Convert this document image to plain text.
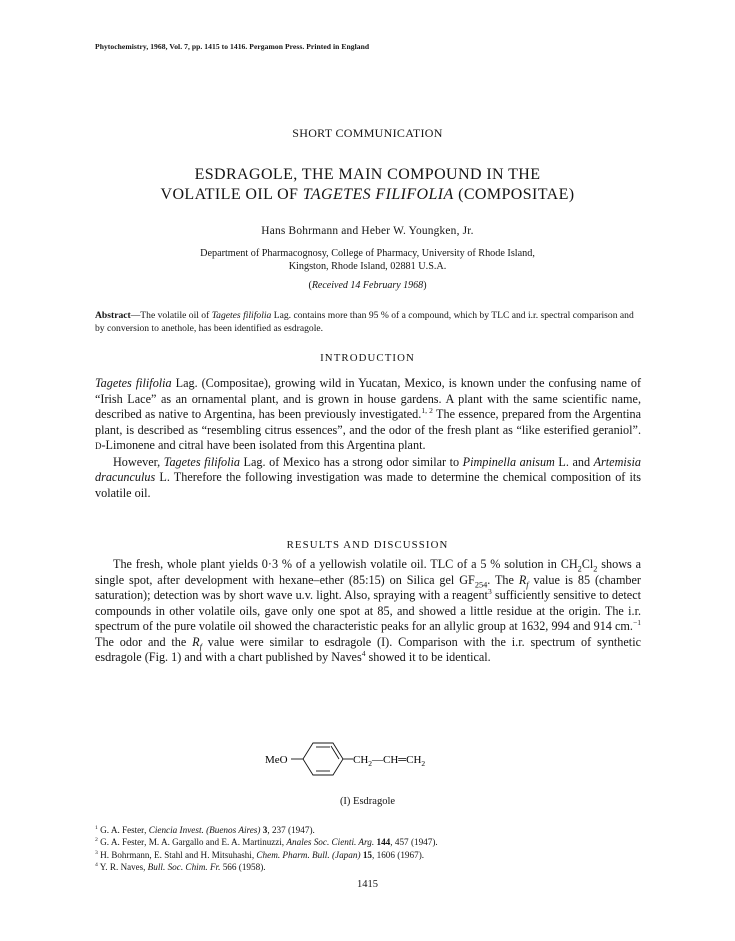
Phytochemistry, 1968, Vol. 7, pp. 1415 to 1416. Pergamon Press. Printed in England
SHORT COMMUNICATION
ESDRAGOLE, THE MAIN COMPOUND IN THE
VOLATILE OIL OF TAGETES FILIFOLIA (COMPOSITAE)
Hans Bohrmann and Heber W. Youngken, Jr.
Department of Pharmacognosy, College of Pharmacy, University of Rhode Island,
Kingston, Rhode Island, 02881 U.S.A.
(Received 14 February 1968)
Abstract—The volatile oil of Tagetes filifolia Lag. contains more than 95 % of a compound, which by TLC and i.r. spectral comparison and by conversion to anethole, has been identified as esdragole.
INTRODUCTION

Tagetes filifolia Lag. (Compositae), growing wild in Yucatan, Mexico, is known under the confusing name of “Irish Lace” as an ornamental plant, and is grown in house gardens. A plant with the same scientific name, described as native to Argentina, has been previously investigated.$^{1, 2}$ The essence, prepared from the Argentina plant, is described as “resembling citrus essences”, and the odor of the fresh plant as “like esterified geraniol”. D-Limonene and citral have been isolated from this Argentina plant.

However, Tagetes filifolia Lag. of Mexico has a strong odor similar to Pimpinella anisum L. and Artemisia dracunculus L. Therefore the following investigation was made to determine the chemical composition of its volatile oil.

RESULTS AND DISCUSSION

The fresh, whole plant yields 0·3 % of a yellowish volatile oil. TLC of a 5 % solution in $CH_2Cl_2$ shows a single spot, after development with hexane–ether (85:15) on Silica gel $GF_{254}$. The $R_f$ value is 85 (chamber saturation); detection was by short wave u.v. light. Also, spraying with a reagent$^3$ sufficiently sensitive to detect compounds in other volatile oils, gave only one spot at 85, and showed a little residue at the origin. The i.r. spectrum of the pure volatile oil showed the characteristic peaks for an allylic group at 1632, 994 and 914 cm.$^{-1}$ The odor and the $R_f$ value were similar to esdragole (I). Comparison with the i.r. spectrum of synthetic esdragole (Fig. 1) and with a chart published by Naves$^4$ showed it to be identical.

MeO	$CH_2—CH═CH_2$
(I) Esdragole
$^1$ G. A. Fester, Ciencia Invest. (Buenos Aires) 3, 237 (1947).
$^2$ G. A. Fester, M. A. Gargallo and E. A. Martinuzzi, Anales Soc. Cienti. Arg. 144, 457 (1947).
$^3$ H. Bohrmann, E. Stahl and H. Mitsuhashi, Chem. Pharm. Bull. (Japan) 15, 1606 (1967).
$^4$ Y. R. Naves, Bull. Soc. Chim. Fr. 566 (1958).
1415
